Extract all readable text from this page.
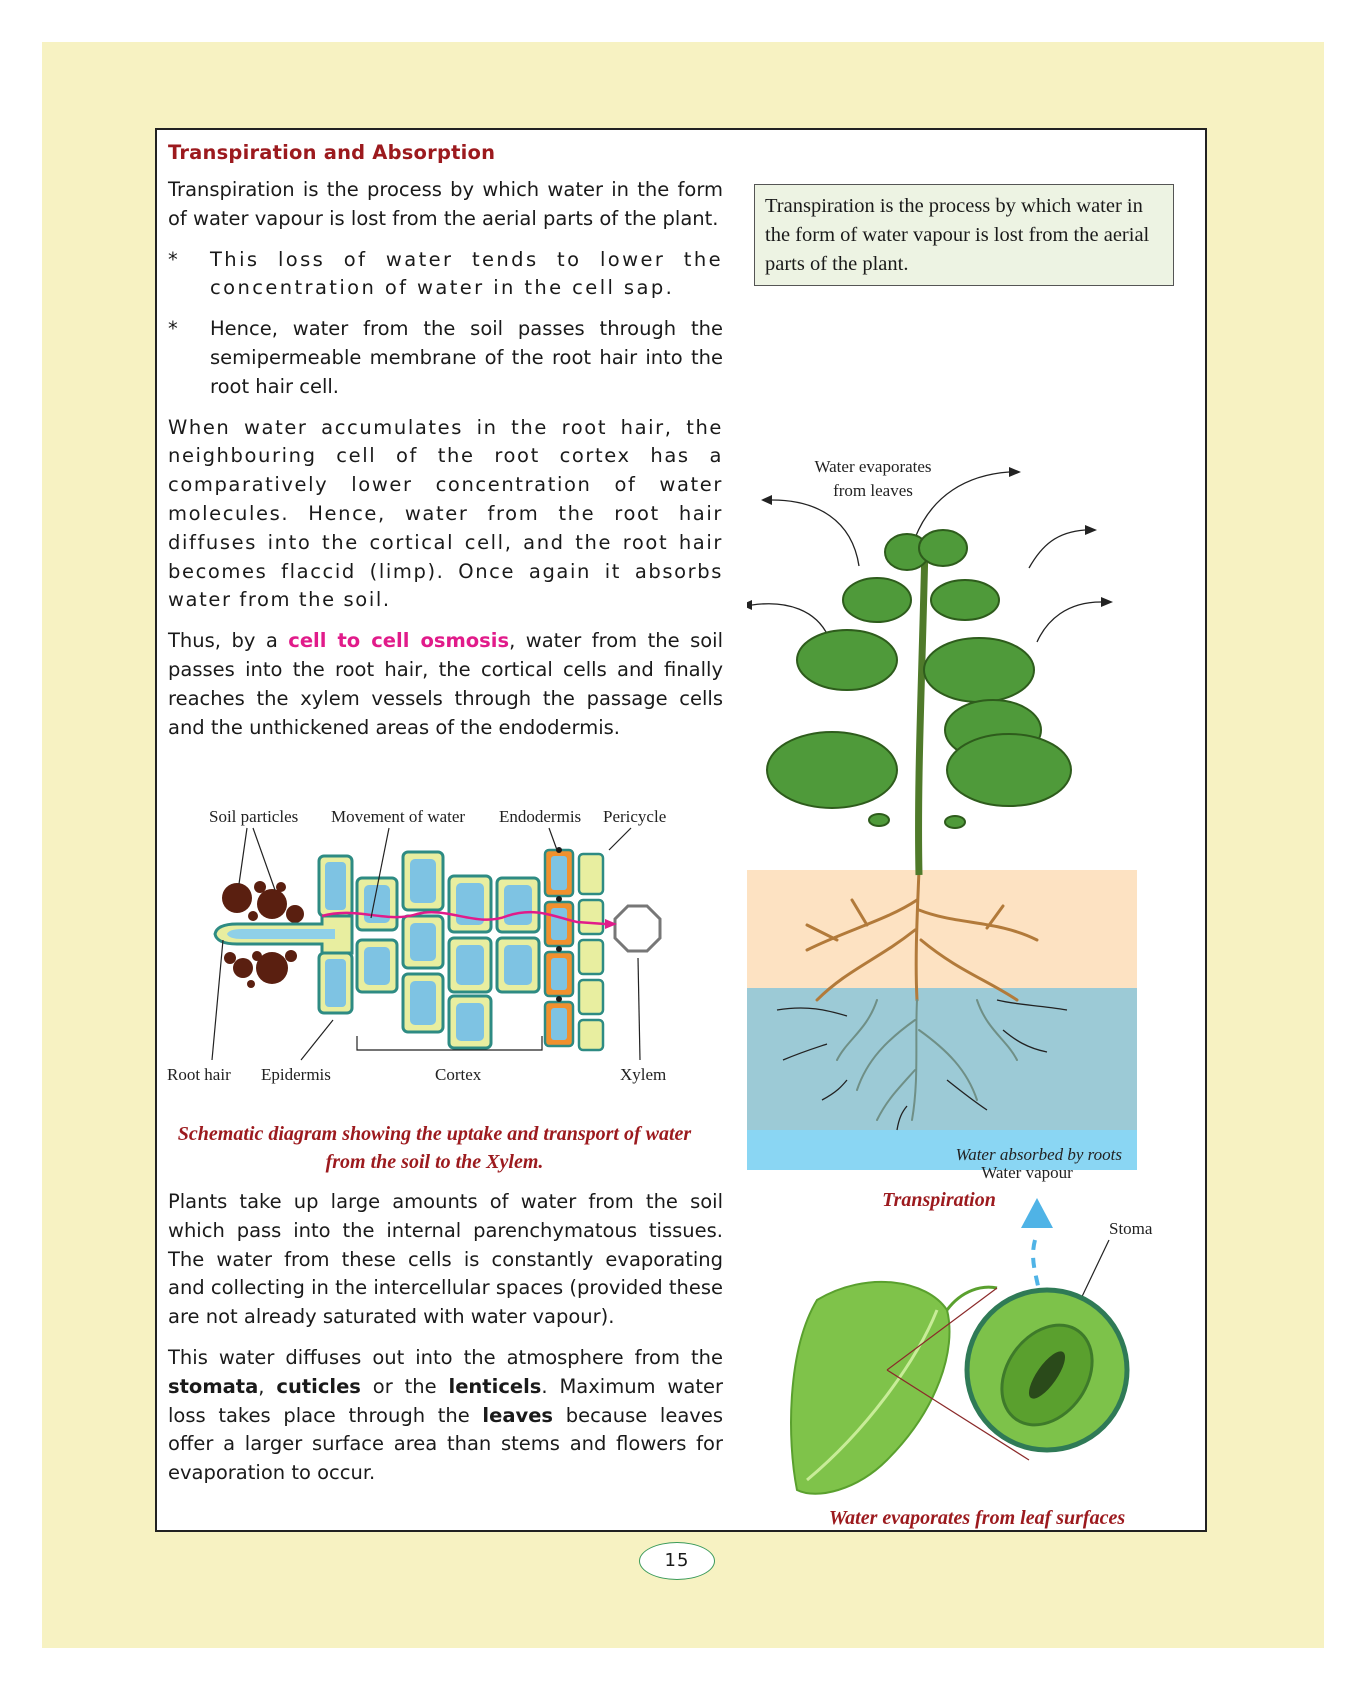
Transpiration and Absorption

Transpiration is the process by which water in the form of water vapour is lost from the aerial parts of the plant.

* This loss of water tends to lower the concentration of water in the cell sap.
* Hence, water from the soil passes through the semipermeable membrane of the root hair into the root hair cell.

When water accumulates in the root hair, the neighbouring cell of the root cortex has a comparatively lower concentration of water molecules. Hence, water from the root hair diffuses into the cortical cell, and the root hair becomes flaccid (limp). Once again it absorbs water from the soil.

Thus, by a cell to cell osmosis, water from the soil passes into the root hair, the cortical cells and finally reaches the xylem vessels through the passage cells and the unthickened areas of the endodermis.

Soil particles Movement of water Endodermis Pericycle
Root hair Epidermis	Cortex	Xylem
Schematic diagram showing the uptake and transport of water from the soil to the Xylem.

Plants take up large amounts of water from the soil which pass into the internal parenchymatous tissues. The water from these cells is constantly evaporating and collecting in the intercellular spaces (provided these are not already saturated with water vapour).

This water diffuses out into the atmosphere from the stomata, cuticles or the lenticels. Maximum water loss takes place through the leaves because leaves offer a larger surface area than stems and flowers for evaporation to occur.

Transpiration is the process by which water in the form of water vapour is lost from the aerial parts of the plant.
Water evaporates
from leaves
Water absorbed by roots
Transpiration
Water vapour
Stoma
Water evaporates from leaf surfaces
15
